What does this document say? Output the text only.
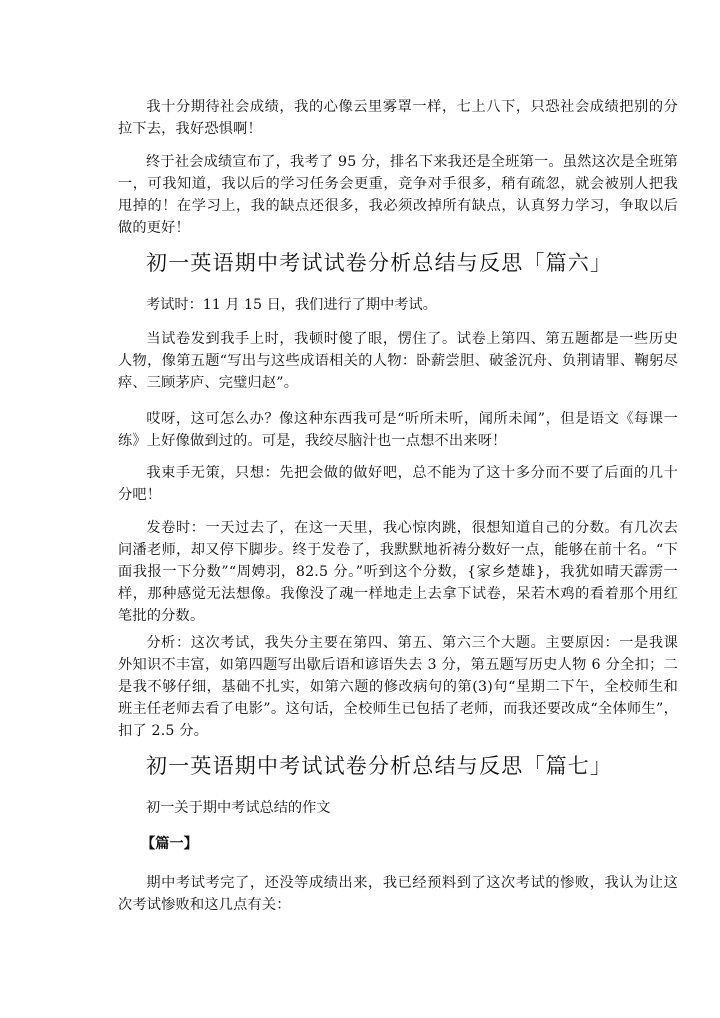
我十分期待社会成绩，我的心像云里雾罩一样，七上八下，只恐社会成绩把别的分拉下去，我好恐惧啊！

终于社会成绩宣布了，我考了 95 分，排名下来我还是全班第一。虽然这次是全班第一，可我知道，我以后的学习任务会更重，竞争对手很多，稍有疏忽，就会被别人把我甩掉的！在学习上，我的缺点还很多，我必须改掉所有缺点，认真努力学习，争取以后做的更好！

初一英语期中考试试卷分析总结与反思「篇六」

考试时：11 月 15 日，我们进行了期中考试。

当试卷发到我手上时，我顿时傻了眼，愣住了。试卷上第四、第五题都是一些历史人物，像第五题“写出与这些成语相关的人物：卧薪尝胆、破釜沉舟、负荆请罪、鞠躬尽瘁、三顾茅庐、完璧归赵”。

哎呀，这可怎么办？像这种东西我可是“听所未听，闻所未闻”，但是语文《每课一练》上好像做到过的。可是，我绞尽脑汁也一点想不出来呀！

我束手无策，只想：先把会做的做好吧，总不能为了这十多分而不要了后面的几十分吧！

发卷时：一天过去了，在这一天里，我心惊肉跳，很想知道自己的分数。有几次去问潘老师，却又停下脚步。终于发卷了，我默默地祈祷分数好一点，能够在前十名。“下面我报一下分数”“周娉羽，82.5 分。”听到这个分数，{家乡楚雄}，我犹如晴天霹雳一样，那种感觉无法想像。我像没了魂一样地走上去拿下试卷，呆若木鸡的看着那个用红笔批的分数。

分析：这次考试，我失分主要在第四、第五、第六三个大题。主要原因：一是我课外知识不丰富，如第四题写出歇后语和谚语失去 3 分，第五题写历史人物 6 分全扣；二是我不够仔细，基础不扎实，如第六题的修改病句的第(3)句“星期二下午，全校师生和班主任老师去看了电影”。这句话，全校师生已包括了老师，而我还要改成“全体师生”，扣了 2.5 分。

初一英语期中考试试卷分析总结与反思「篇七」

初一关于期中考试总结的作文

【篇一】

期中考试考完了，还没等成绩出来，我已经预料到了这次考试的惨败，我认为让这次考试惨败和这几点有关：
